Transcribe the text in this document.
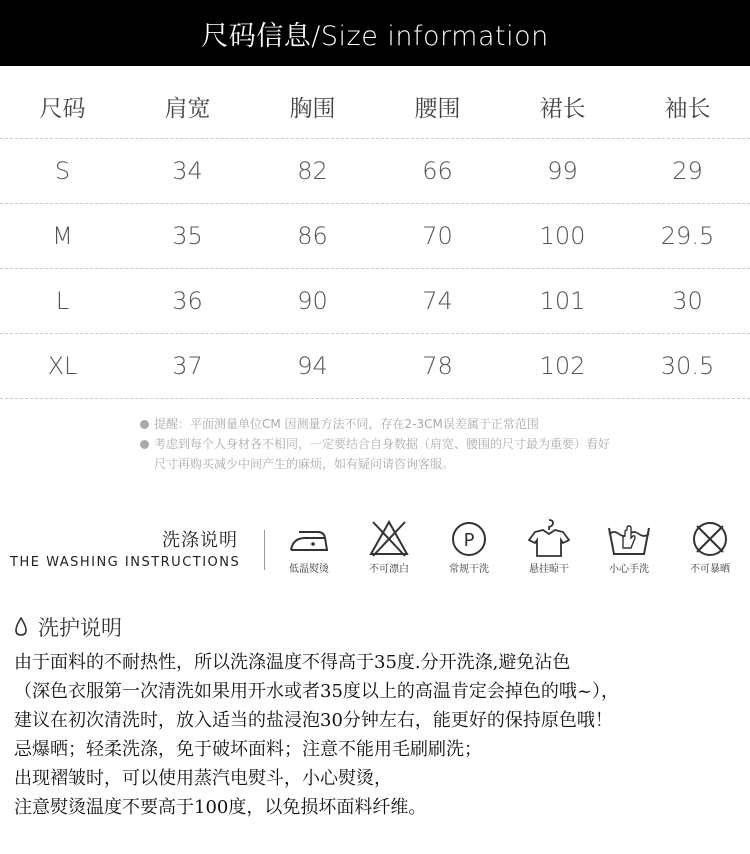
尺码信息/Size information
尺码	肩宽	胸围	腰围	裙长	袖长
S	34	82	66	99	29
M	35	86	70	100	29.5
L	36	90	74	101	30
XL	37	94	78	102	30.5
提醒：平面测量单位CM 因测量方法不同，存在2-3CM误差属于正常范围
考虑到每个人身材各不相同，一定要结合自身数据（肩宽、腰围的尺寸最为重要）看好尺寸再购买减少中间产生的麻烦，如有疑问请咨询客服。
洗涤说明
THE WASHING INSTRUCTIONS	低温熨烫	不可漂白
P
常规干洗	悬挂晾干	小心手洗	不可暴晒
洗护说明
由于面料的不耐热性，所以洗涤温度不得高于35度.分开洗涤,避免沾色
（深色衣服第一次清洗如果用开水或者35度以上的高温肯定会掉色的哦~），
建议在初次清洗时，放入适当的盐浸泡30分钟左右，能更好的保持原色哦！
忌爆晒；轻柔洗涤，免于破坏面料；注意不能用毛刷刷洗；
出现褶皱时，可以使用蒸汽电熨斗，小心熨烫，
注意熨烫温度不要高于100度，以免损坏面料纤维。
